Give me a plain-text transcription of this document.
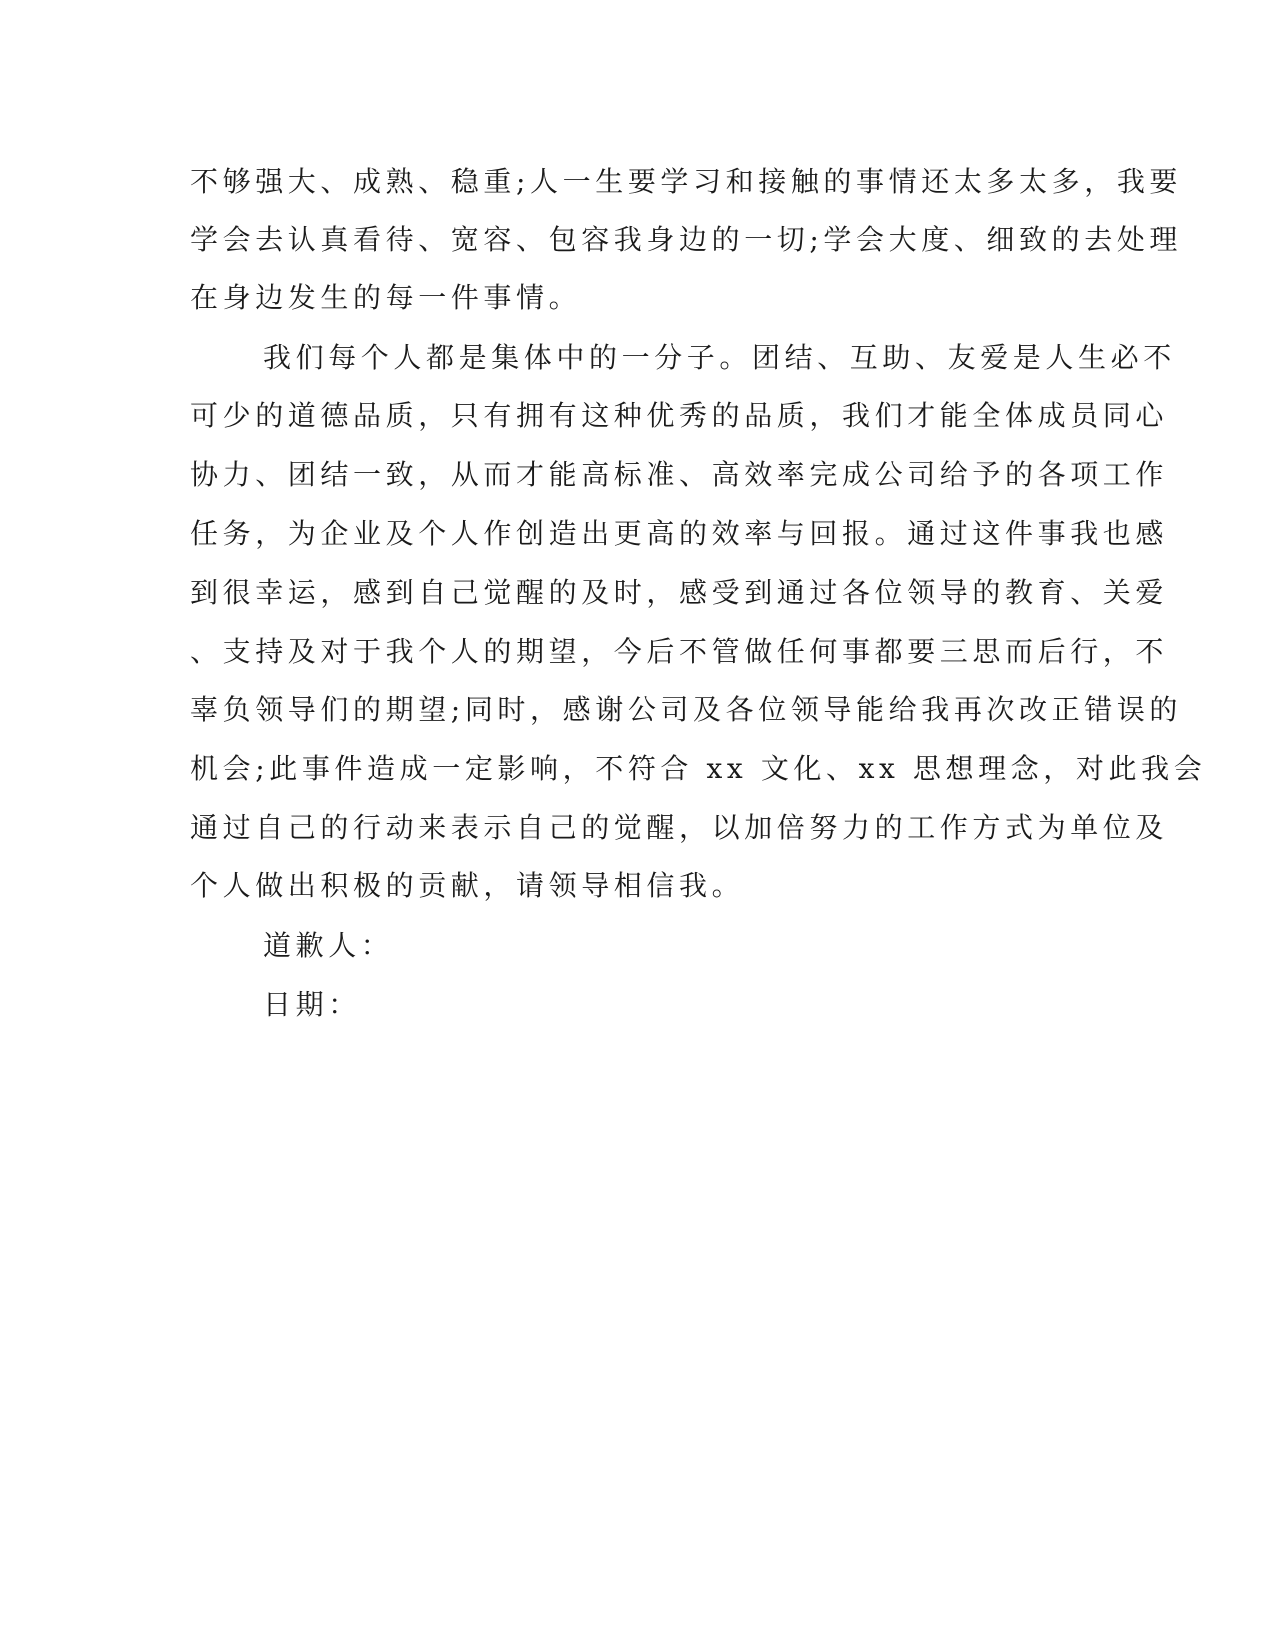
不够强大、成熟、稳重;人一生要学习和接触的事情还太多太多，我要
学会去认真看待、宽容、包容我身边的一切;学会大度、细致的去处理
在身边发生的每一件事情。
我们每个人都是集体中的一分子。团结、互助、友爱是人生必不
可少的道德品质，只有拥有这种优秀的品质，我们才能全体成员同心
协力、团结一致，从而才能高标准、高效率完成公司给予的各项工作
任务，为企业及个人作创造出更高的效率与回报。通过这件事我也感
到很幸运，感到自己觉醒的及时，感受到通过各位领导的教育、关爱
、支持及对于我个人的期望，今后不管做任何事都要三思而后行，不
辜负领导们的期望;同时，感谢公司及各位领导能给我再次改正错误的
机会;此事件造成一定影响，不符合 xx 文化、xx 思想理念，对此我会
通过自己的行动来表示自己的觉醒，以加倍努力的工作方式为单位及
个人做出积极的贡献，请领导相信我。
道歉人：
日期：
